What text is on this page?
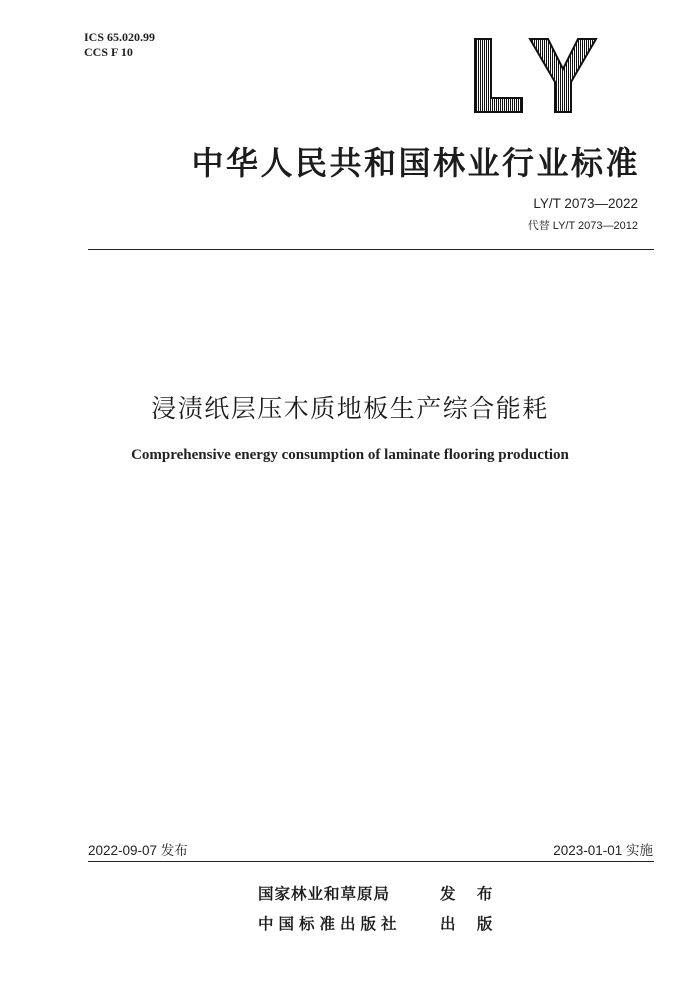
ICS 65.020.99
CCS F 10
中华人民共和国林业行业标准
LY/T 2073—2022
代替 LY/T 2073—2012
浸渍纸层压木质地板生产综合能耗
Comprehensive energy consumption of laminate flooring production
2022-09-07 发布	2023-01-01 实施
国家林业和草原局	发 布
中国标准出版社 出 版
